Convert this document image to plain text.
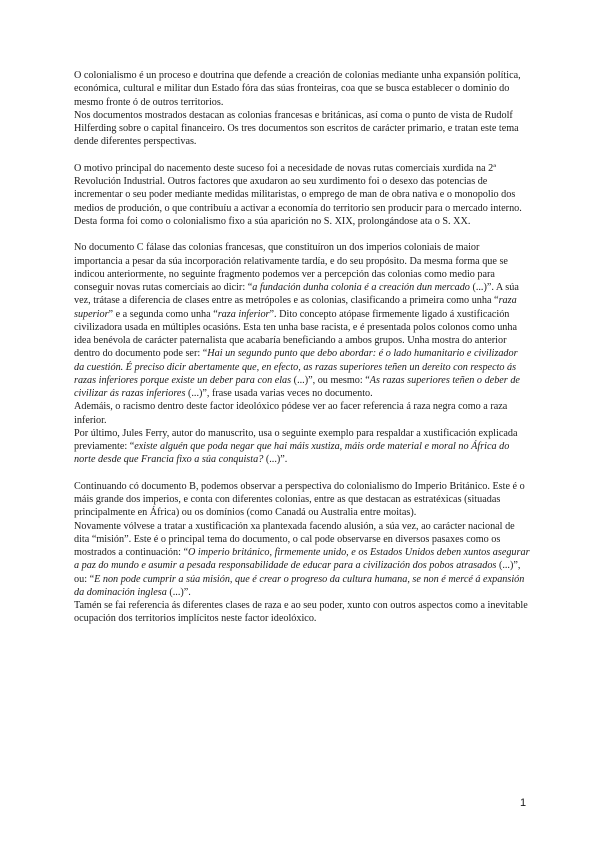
O colonialismo é un proceso e doutrina que defende a creación de colonias mediante unha expansión política, económica, cultural e militar dun Estado fóra das súas fronteiras, coa que se busca establecer o dominio do mesmo fronte ó de outros territorios.

Nos documentos mostrados destacan as colonias francesas e británicas, así coma o punto de vista de Rudolf Hilferding sobre o capital financeiro. Os tres documentos son escritos de carácter primario, e tratan este tema dende diferentes perspectivas.

O motivo principal do nacemento deste suceso foi a necesidade de novas rutas comerciais xurdida na 2ª Revolución Industrial. Outros factores que axudaron ao seu xurdimento foi o desexo das potencias de incrementar o seu poder mediante medidas militaristas, o emprego de man de obra nativa e o monopolio dos medios de produción, o que contribuíu a activar a economía do territorio sen producir para o mercado interno. Desta forma foi como o colonialismo fixo a súa aparición no S. XIX, prolongándose ata o S. XX.

No documento C fálase das colonias francesas, que constituíron un dos imperios coloniais de maior importancia a pesar da súa incorporación relativamente tardía, e do seu propósito. Da mesma forma que se indicou anteriormente, no seguinte fragmento podemos ver a percepción das colonias como medio para conseguir novas rutas comerciais ao dicir: “a fundación dunha colonia é a creación dun mercado (...)”. A súa vez, trátase a diferencia de clases entre as metrópoles e as colonias, clasificando a primeira como unha “raza superior” e a segunda como unha “raza inferior”. Dito concepto atópase firmemente ligado á xustificación civilizadora usada en múltiples ocasións. Esta ten unha base racista, e é presentada polos colonos como unha idea benévola de carácter paternalista que acabaría beneficiando a ambos grupos. Unha mostra do anterior dentro do documento pode ser: “Hai un segundo punto que debo abordar: é o lado humanitario e civilizador da cuestión. É preciso dicir abertamente que, en efecto, as razas superiores teñen un dereito con respecto ás razas inferiores porque existe un deber para con elas (...)”, ou mesmo: “As razas superiores teñen o deber de civilizar ás razas inferiores (...)”, frase usada varias veces no documento.

Ademáis, o racismo dentro deste factor ideolóxico pódese ver ao facer referencia á raza negra como a raza inferior.

Por último, Jules Ferry, autor do manuscrito, usa o seguinte exemplo para respaldar a xustificación explicada previamente: “existe alguén que poda negar que hai máis xustiza, máis orde material e moral no África do norte desde que Francia fixo a súa conquista? (...)”.

Continuando có documento B, podemos observar a perspectiva do colonialismo do Imperio Británico. Este é o máis grande dos imperios, e conta con diferentes colonias, entre as que destacan as estratéxicas (situadas principalmente en África) ou os domínios (como Canadá ou Australia entre moitas).

Novamente vólvese a tratar a xustificación xa plantexada facendo alusión, a súa vez, ao carácter nacional de dita “misión”. Este é o principal tema do documento, o cal pode observarse en diversos pasaxes como os mostrados a continuación: “O imperio británico, firmemente unido, e os Estados Unidos deben xuntos asegurar a paz do mundo e asumir a pesada responsabilidade de educar para a civilización dos pobos atrasados (...)”, ou: “E non pode cumprir a súa misión, que é crear o progreso da cultura humana, se non é mercé á expansión da dominación inglesa (...)”.

Tamén se fai referencia ás diferentes clases de raza e ao seu poder, xunto con outros aspectos como a inevitable ocupación dos territorios implícitos neste factor ideolóxico.

1
